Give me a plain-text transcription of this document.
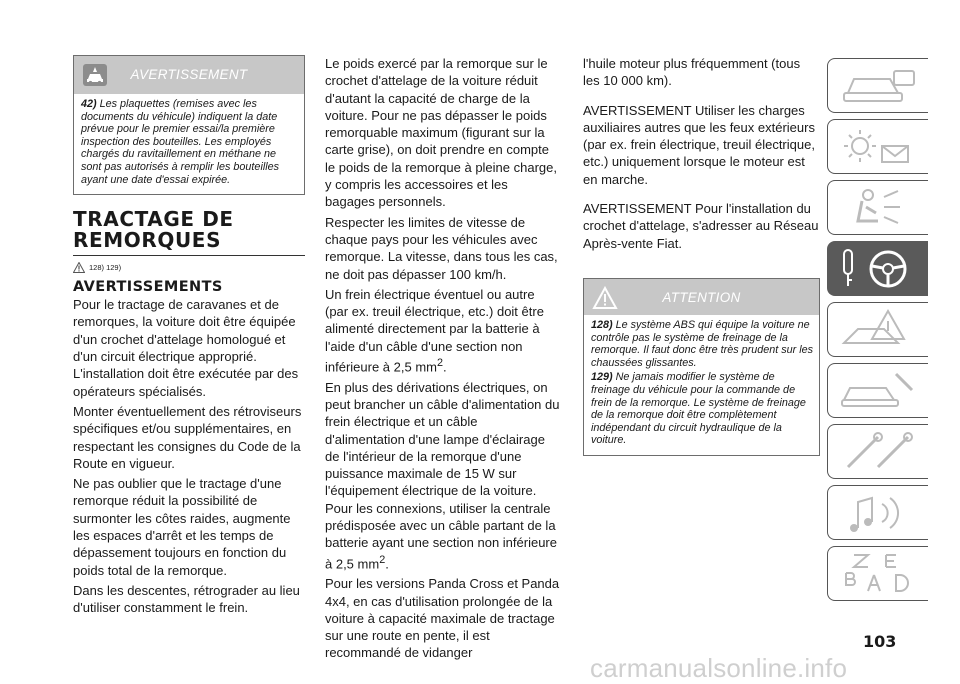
AVERTISSEMENT

42) Les plaquettes (remises avec les documents du véhicule) indiquent la date prévue pour le premier essai/la première inspection des bouteilles. Les employés chargés du ravitaillement en méthane ne sont pas autorisés à remplir les bouteilles ayant une date d'essai expirée.

TRACTAGE DE
REMORQUES
128) 129)
AVERTISSEMENTS

Pour le tractage de caravanes et de remorques, la voiture doit être équipée d'un crochet d'attelage homologué et d'un circuit électrique approprié. L'installation doit être exécutée par des opérateurs spécialisés.

Monter éventuellement des rétroviseurs spécifiques et/ou supplémentaires, en respectant les consignes du Code de la Route en vigueur.

Ne pas oublier que le tractage d'une remorque réduit la possibilité de surmonter les côtes raides, augmente les espaces d'arrêt et les temps de dépassement toujours en fonction du poids total de la remorque.

Dans les descentes, rétrograder au lieu d'utiliser constamment le frein.

Le poids exercé par la remorque sur le crochet d'attelage de la voiture réduit d'autant la capacité de charge de la voiture. Pour ne pas dépasser le poids remorquable maximum (figurant sur la carte grise), on doit prendre en compte le poids de la remorque à pleine charge, y compris les accessoires et les bagages personnels.

Respecter les limites de vitesse de chaque pays pour les véhicules avec remorque. La vitesse, dans tous les cas, ne doit pas dépasser 100 km/h.

Un frein électrique éventuel ou autre (par ex. treuil électrique, etc.) doit être alimenté directement par la batterie à l'aide d'un câble d'une section non inférieure à 2,5 $mm^2$.

En plus des dérivations électriques, on peut brancher un câble d'alimentation du frein électrique et un câble d'alimentation d'une lampe d'éclairage de l'intérieur de la remorque d'une puissance maximale de 15 W sur l'équipement électrique de la voiture. Pour les connexions, utiliser la centrale prédisposée avec un câble partant de la batterie ayant une section non inférieure à 2,5 $mm^2$.

Pour les versions Panda Cross et Panda 4x4, en cas d'utilisation prolongée de la voiture à capacité maximale de tractage sur une route en pente, il est recommandé de vidanger

l'huile moteur plus fréquemment (tous les 10 000 km).

AVERTISSEMENT Utiliser les charges auxiliaires autres que les feux extérieurs (par ex. frein électrique, treuil électrique, etc.) uniquement lorsque le moteur est en marche.

AVERTISSEMENT Pour l'installation du crochet d'attelage, s'adresser au Réseau Après-vente Fiat.

ATTENTION

128) Le système ABS qui équipe la voiture ne contrôle pas le système de freinage de la remorque. Il faut donc être très prudent sur les chaussées glissantes.

129) Ne jamais modifier le système de freinage du véhicule pour la commande de frein de la remorque. Le système de freinage de la remorque doit être complètement indépendant du circuit hydraulique de la voiture.

103
carmanualsonline.info
